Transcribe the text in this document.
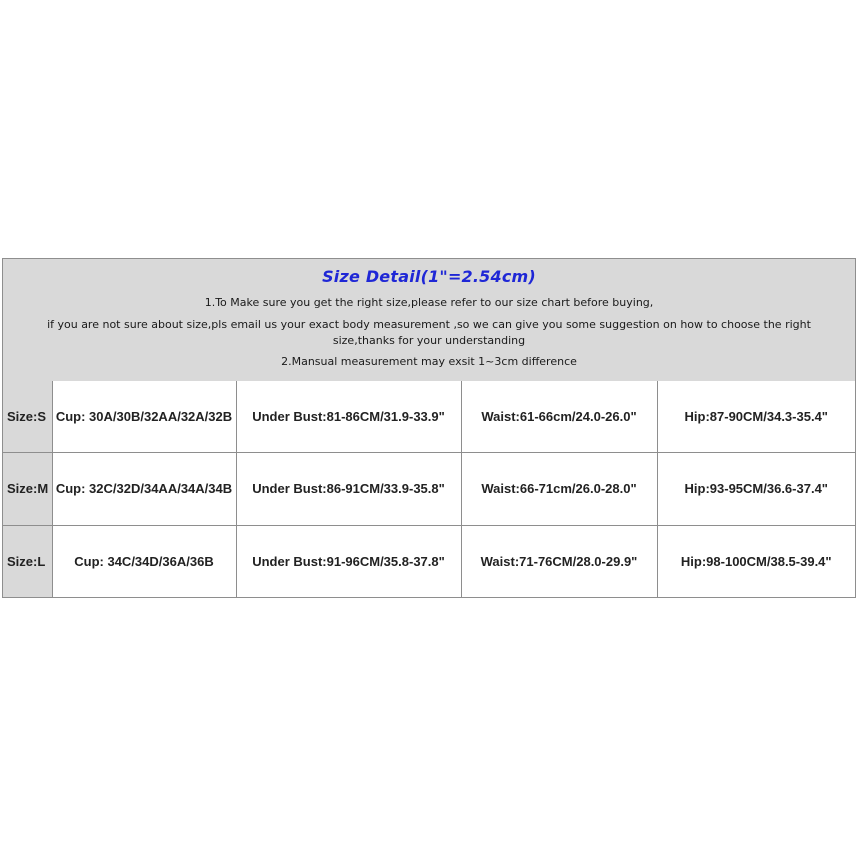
Size Detail(1"=2.54cm)
1.To Make sure you get the right size,please refer to our size chart before buying,
if you are not sure about size,pls email us your exact body measurement ,so we can give you some suggestion on how to choose the right size,thanks for your understanding
2.Mansual measurement may exsit 1~3cm difference
Size:S	Cup: 30A/30B/32AA/32A/32B	Under Bust:81-86CM/31.9-33.9"	Waist:61-66cm/24.0-26.0"	Hip:87-90CM/34.3-35.4"
Size:M	Cup: 32C/32D/34AA/34A/34B	Under Bust:86-91CM/33.9-35.8"	Waist:66-71cm/26.0-28.0"	Hip:93-95CM/36.6-37.4"
Size:L	Cup: 34C/34D/36A/36B	Under Bust:91-96CM/35.8-37.8"	Waist:71-76CM/28.0-29.9"	Hip:98-100CM/38.5-39.4"
